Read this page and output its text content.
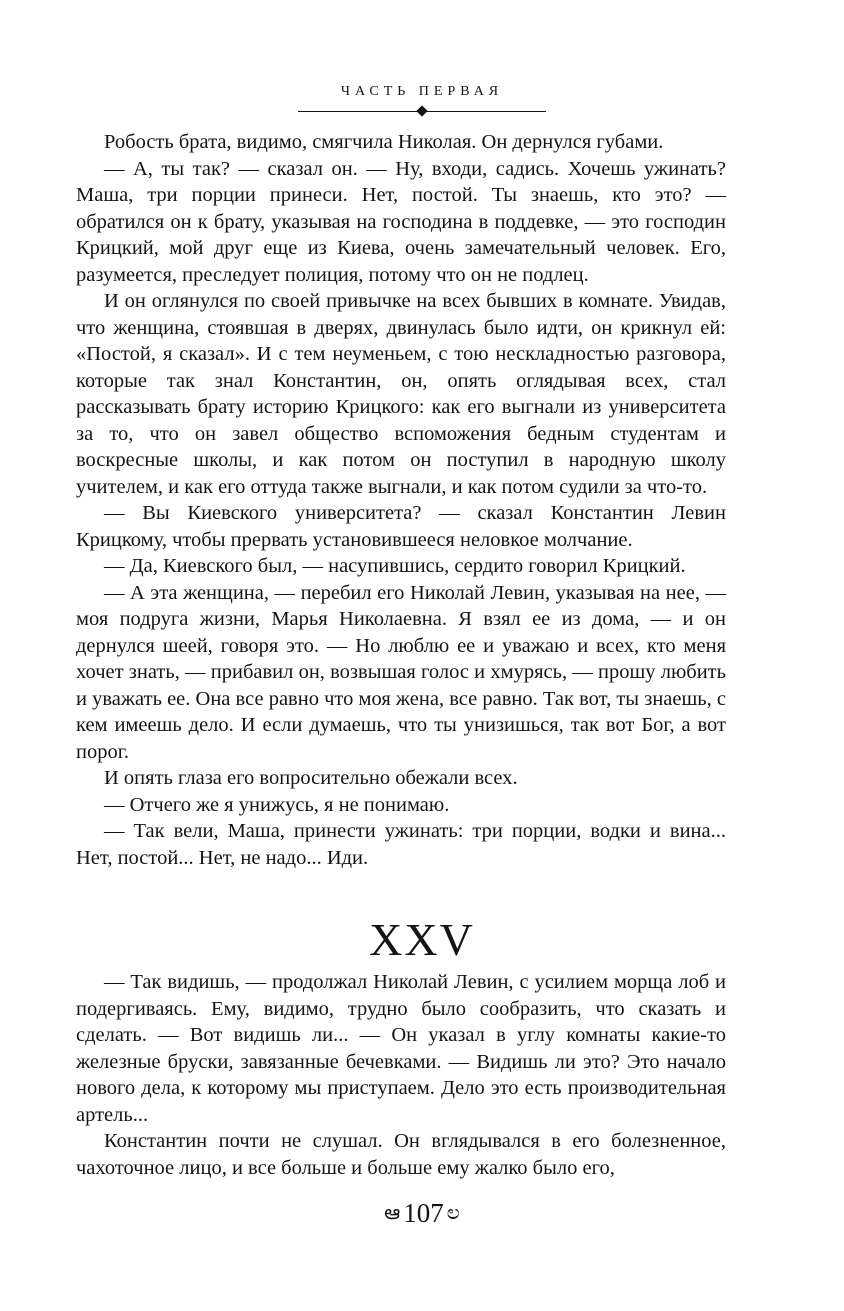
ЧАСТЬ ПЕРВАЯ

Робость брата, видимо, смягчила Николая. Он дернулся губами.

— А, ты так? — сказал он. — Ну, входи, садись. Хочешь ужинать? Маша, три порции принеси. Нет, постой. Ты знаешь, кто это? — обратился он к брату, указывая на господина в поддевке, — это господин Крицкий, мой друг еще из Киева, очень замечательный человек. Его, разумеется, преследует полиция, потому что он не подлец.

И он оглянулся по своей привычке на всех бывших в комнате. Увидав, что женщина, стоявшая в дверях, двинулась было идти, он крикнул ей: «Постой, я сказал». И с тем неуменьем, с тою нескладностью разговора, которые так знал Константин, он, опять оглядывая всех, стал рассказывать брату историю Крицкого: как его выгнали из университета за то, что он завел общество вспоможения бедным студентам и воскресные школы, и как потом он поступил в народную школу учителем, и как его оттуда также выгнали, и как потом судили за что-то.

— Вы Киевского университета? — сказал Константин Левин Крицкому, чтобы прервать установившееся неловкое молчание.

— Да, Киевского был, — насупившись, сердито говорил Крицкий.

— А эта женщина, — перебил его Николай Левин, указывая на нее, — моя подруга жизни, Марья Николаевна. Я взял ее из дома, — и он дернулся шеей, говоря это. — Но люблю ее и уважаю и всех, кто меня хочет знать, — прибавил он, возвышая голос и хмурясь, — прошу любить и уважать ее. Она все равно что моя жена, все равно. Так вот, ты знаешь, с кем имеешь дело. И если думаешь, что ты унизишься, так вот Бог, а вот порог.

И опять глаза его вопросительно обежали всех.

— Отчего же я унижусь, я не понимаю.

— Так вели, Маша, принести ужинать: три порции, водки и вина... Нет, постой... Нет, не надо... Иди.

XXV

— Так видишь, — продолжал Николай Левин, с усилием морща лоб и подергиваясь. Ему, видимо, трудно было сообразить, что сказать и сделать. — Вот видишь ли... — Он указал в углу комнаты какие-то железные бруски, завязанные бечевками. — Видишь ли это? Это начало нового дела, к которому мы приступаем. Дело это есть производительная артель...

Константин почти не слушал. Он вглядывался в его болезненное, чахоточное лицо, и все больше и больше ему жалко было его,

ఆ 107 ಲ
